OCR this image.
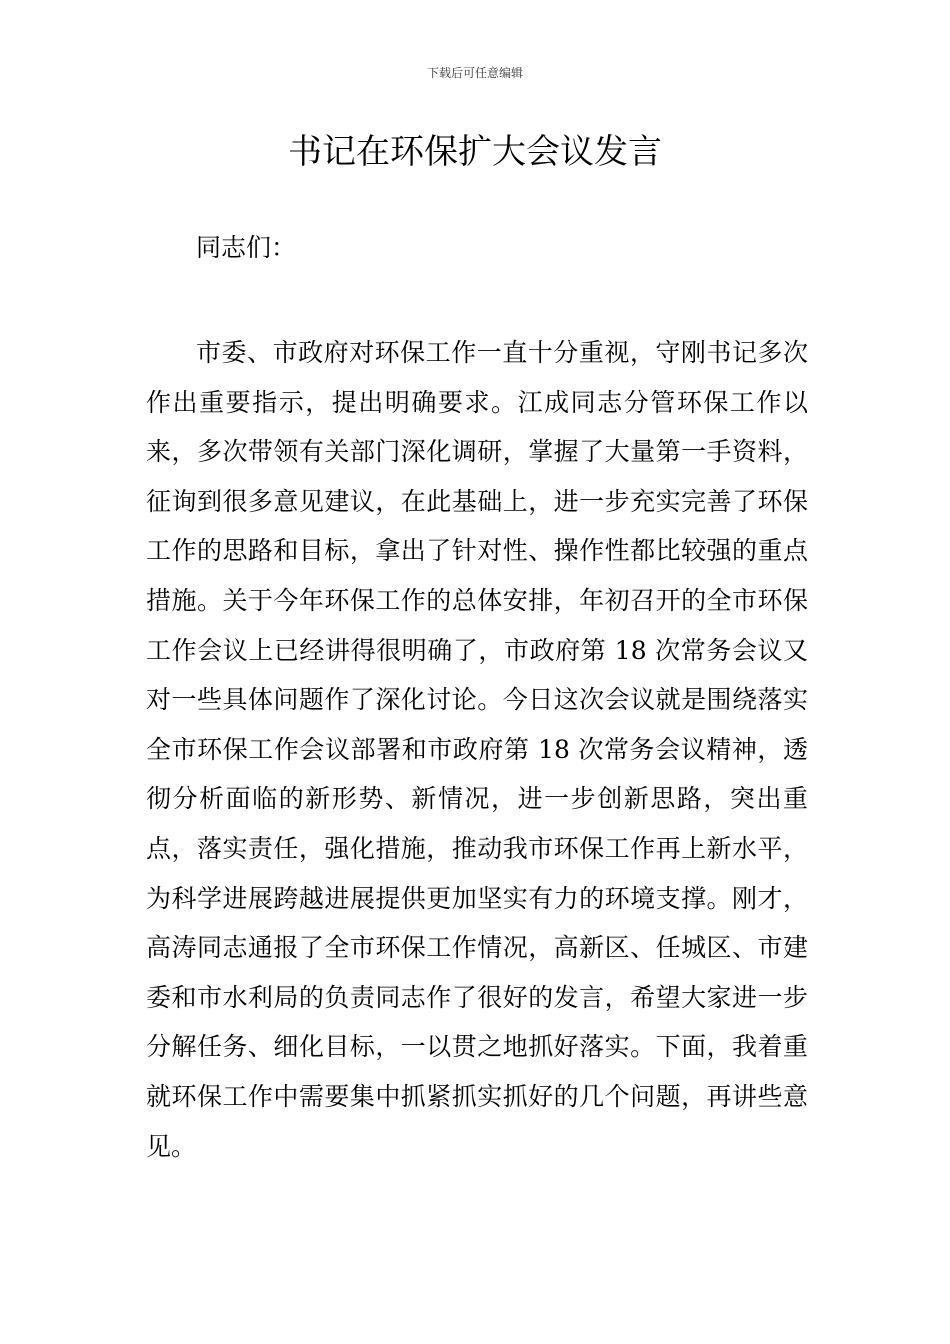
下载后可任意编辑
书记在环保扩大会议发言

同志们：

市委、市政府对环保工作一直十分重视，守刚书记多次作出重要指示，提出明确要求。江成同志分管环保工作以来，多次带领有关部门深化调研，掌握了大量第一手资料，征询到很多意见建议，在此基础上，进一步充实完善了环保工作的思路和目标，拿出了针对性、操作性都比较强的重点措施。关于今年环保工作的总体安排，年初召开的全市环保工作会议上已经讲得很明确了，市政府第 18 次常务会议又对一些具体问题作了深化讨论。今日这次会议就是围绕落实全市环保工作会议部署和市政府第 18 次常务会议精神，透彻分析面临的新形势、新情况，进一步创新思路，突出重点，落实责任，强化措施，推动我市环保工作再上新水平，为科学进展跨越进展提供更加坚实有力的环境支撑。刚才，高涛同志通报了全市环保工作情况，高新区、任城区、市建委和市水利局的负责同志作了很好的发言，希望大家进一步分解任务、细化目标，一以贯之地抓好落实。下面，我着重就环保工作中需要集中抓紧抓实抓好的几个问题，再讲些意见。
